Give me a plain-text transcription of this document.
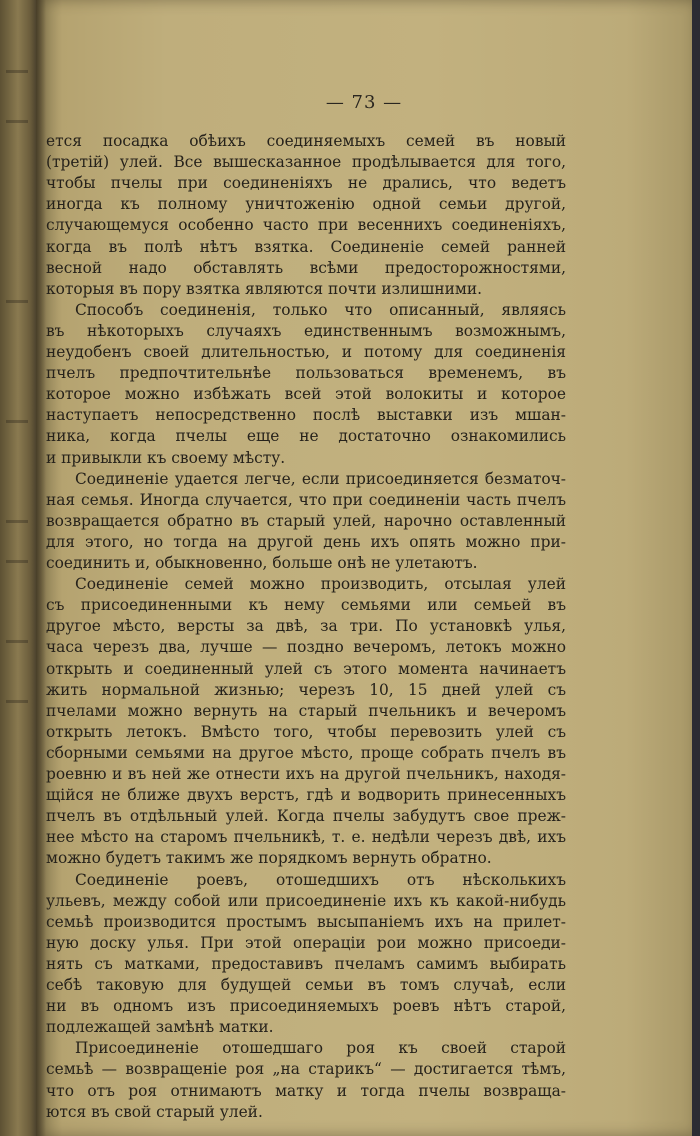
— 73 —
ется посадка обѣихъ соединяемыхъ семей въ новый
(третій) улей. Все вышесказанное продѣлывается для того,
чтобы пчелы при соединеніяхъ не дрались, что ведетъ
иногда къ полному уничтоженію одной семьи другой,
случающемуся особенно часто при весеннихъ соединеніяхъ,
когда въ полѣ нѣтъ взятка. Соединеніе семей ранней
весной надо обставлять всѣми предосторожностями,
которыя въ пору взятка являются почти излишними.
Способъ соединенія, только что описанный, являясь
въ нѣкоторыхъ случаяхъ единственнымъ возможнымъ,
неудобенъ своей длительностью, и потому для соединенія
пчелъ предпочтительнѣе пользоваться временемъ, въ
которое можно избѣжать всей этой волокиты и которое
наступаетъ непосредственно послѣ выставки изъ мшан-
ника, когда пчелы еще не достаточно ознакомились
и привыкли къ своему мѣсту.
Соединеніе удается легче, если присоединяется безматоч-
ная семья. Иногда случается, что при соединеніи часть пчелъ
возвращается обратно въ старый улей, нарочно оставленный
для этого, но тогда на другой день ихъ опять можно при-
соединить и, обыкновенно, больше онѣ не улетаютъ.
Соединеніе семей можно производить, отсылая улей
съ присоединенными къ нему семьями или семьей въ
другое мѣсто, версты за двѣ, за три. По установкѣ улья,
часа черезъ два, лучше — поздно вечеромъ, летокъ можно
открыть и соединенный улей съ этого момента начинаетъ
жить нормальной жизнью; черезъ 10, 15 дней улей съ
пчелами можно вернуть на старый пчельникъ и вечеромъ
открыть летокъ. Вмѣсто того, чтобы перевозить улей съ
сборными семьями на другое мѣсто, проще собрать пчелъ въ
роевню и въ ней же отнести ихъ на другой пчельникъ, находя-
щійся не ближе двухъ верстъ, гдѣ и водворить принесенныхъ
пчелъ въ отдѣльный улей. Когда пчелы забудутъ свое преж-
нее мѣсто на старомъ пчельникѣ, т. е. недѣли черезъ двѣ, ихъ
можно будетъ такимъ же порядкомъ вернуть обратно.
Соединеніе роевъ, отошедшихъ отъ нѣсколькихъ
ульевъ, между собой или присоединеніе ихъ къ какой-нибудь
семьѣ производится простымъ высыпаніемъ ихъ на прилет-
ную доску улья. При этой операціи рои можно присоеди-
нять съ матками, предоставивъ пчеламъ самимъ выбирать
себѣ таковую для будущей семьи въ томъ случаѣ, если
ни въ одномъ изъ присоединяемыхъ роевъ нѣтъ старой,
подлежащей замѣнѣ матки.
Присоединеніе отошедшаго роя къ своей старой
семьѣ — возвращеніе роя „на старикъ“ — достигается тѣмъ,
что отъ роя отнимаютъ матку и тогда пчелы возвраща-
ются въ свой старый улей.
